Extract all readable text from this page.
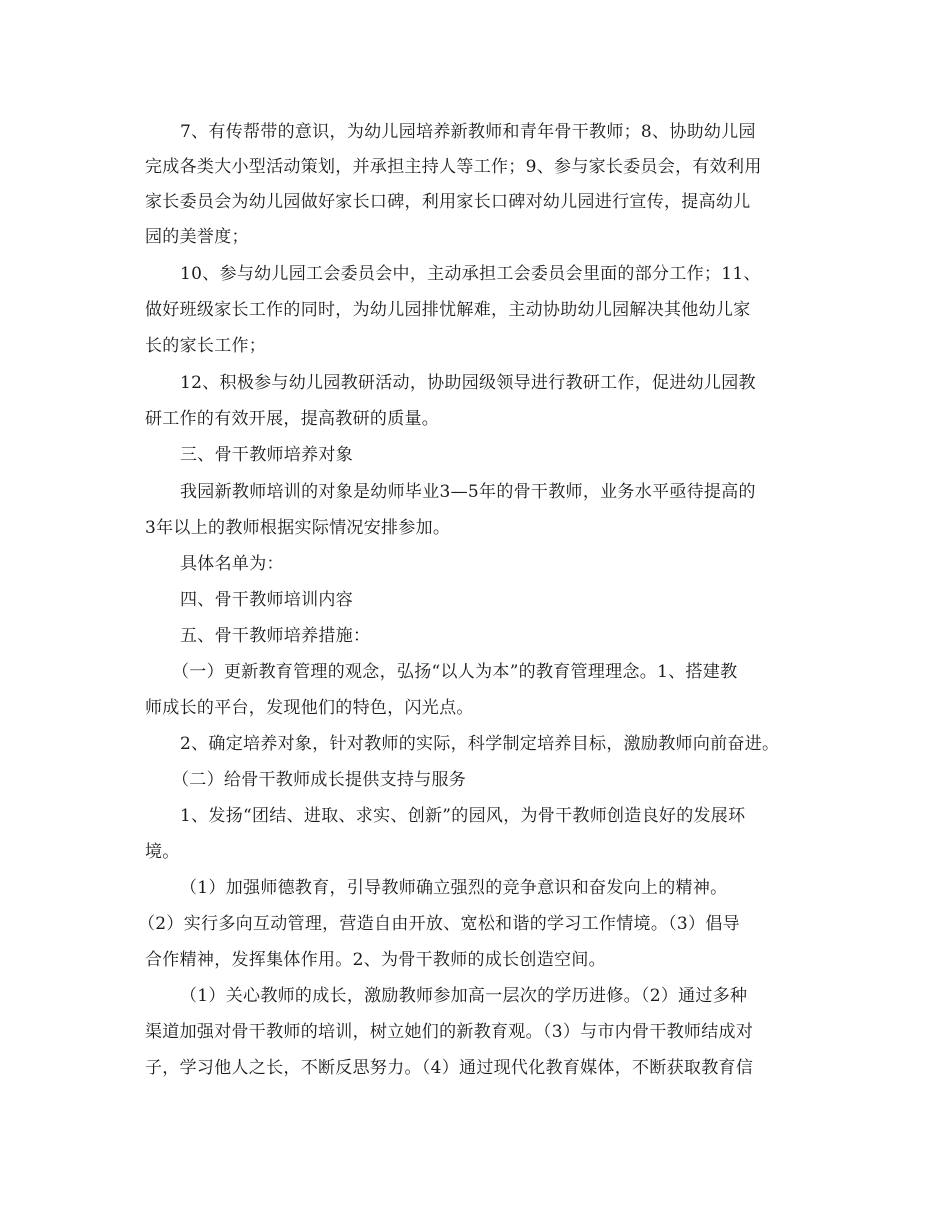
7、有传帮带的意识，为幼儿园培养新教师和青年骨干教师；8、协助幼儿园
完成各类大小型活动策划，并承担主持人等工作；9、参与家长委员会，有效利用
家长委员会为幼儿园做好家长口碑，利用家长口碑对幼儿园进行宣传，提高幼儿
园的美誉度；
10、参与幼儿园工会委员会中，主动承担工会委员会里面的部分工作；11、
做好班级家长工作的同时，为幼儿园排忧解难，主动协助幼儿园解决其他幼儿家
长的家长工作；
12、积极参与幼儿园教研活动，协助园级领导进行教研工作，促进幼儿园教
研工作的有效开展，提高教研的质量。
三、骨干教师培养对象
我园新教师培训的对象是幼师毕业3—5年的骨干教师，业务水平亟待提高的
3年以上的教师根据实际情况安排参加。
具体名单为：
四、骨干教师培训内容
五、骨干教师培养措施：
（一）更新教育管理的观念，弘扬“以人为本”的教育管理理念。1、搭建教
师成长的平台，发现他们的特色，闪光点。
2、确定培养对象，针对教师的实际，科学制定培养目标，激励教师向前奋进。
（二）给骨干教师成长提供支持与服务
1、发扬“团结、进取、求实、创新”的园风，为骨干教师创造良好的发展环
境。
（1）加强师德教育，引导教师确立强烈的竞争意识和奋发向上的精神。
（2）实行多向互动管理，营造自由开放、宽松和谐的学习工作情境。（3）倡导
合作精神，发挥集体作用。2、为骨干教师的成长创造空间。
（1）关心教师的成长，激励教师参加高一层次的学历进修。（2）通过多种
渠道加强对骨干教师的培训，树立她们的新教育观。（3）与市内骨干教师结成对
子，学习他人之长，不断反思努力。（4）通过现代化教育媒体，不断获取教育信
